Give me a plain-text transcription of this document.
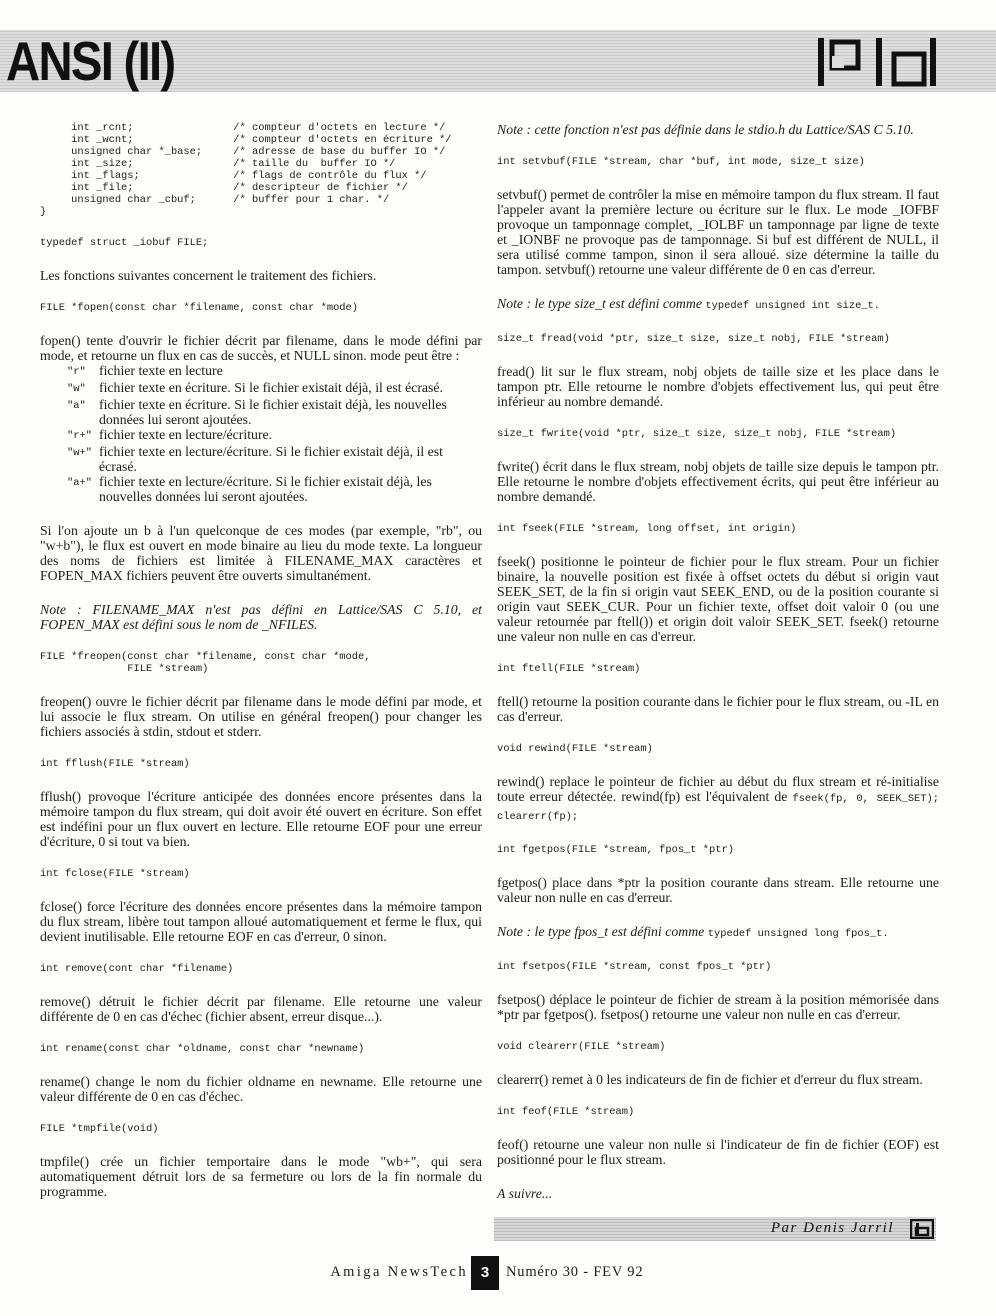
ANSI (II)
int _rcnt;                /* compteur d'octets en lecture */
int _wcnt;                /* compteur d'octets en écriture */
unsigned char *_base;     /* adresse de base du buffer IO */
int _size;                /* taille du  buffer IO */
int _flags;               /* flags de contrôle du flux */
int _file;                /* descripteur de fichier */
unsigned char _cbuf;      /* buffer pour 1 char. */
}
typedef struct _iobuf FILE;

Les fonctions suivantes concernent le traitement des fichiers.

FILE *fopen(const char *filename, const char *mode)

fopen() tente d'ouvrir le fichier décrit par filename, dans le mode défini par mode, et retourne un flux en cas de succès, et NULL sinon. mode peut être :

"r" fichier texte en lecture
"w" fichier texte en écriture. Si le fichier existait déjà, il est écrasé.
"a" fichier texte en écriture. Si le fichier existait déjà, les nouvelles données lui seront ajoutées.
"r+" fichier texte en lecture/écriture.
"w+" fichier texte en lecture/écriture. Si le fichier existait déjà, il est écrasé.
"a+" fichier texte en lecture/écriture. Si le fichier existait déjà, les nouvelles données lui seront ajoutées.

Si l'on ajoute un b à l'un quelconque de ces modes (par exemple, "rb", ou "w+b"), le flux est ouvert en mode binaire au lieu du mode texte. La longueur des noms de fichiers est limitée à FILENAME_MAX caractères et FOPEN_MAX fichiers peuvent être ouverts simultanément.

Note : FILENAME_MAX n'est pas défini en Lattice/SAS C 5.10, et FOPEN_MAX est défini sous le nom de _NFILES.

FILE *freopen(const char *filename, const char *mode,
FILE *stream)

freopen() ouvre le fichier décrit par filename dans le mode défini par mode, et lui associe le flux stream. On utilise en général freopen() pour changer les fichiers associés à stdin, stdout et stderr.

int fflush(FILE *stream)

fflush() provoque l'écriture anticipée des données encore présentes dans la mémoire tampon du flux stream, qui doit avoir été ouvert en écriture. Son effet est indéfini pour un flux ouvert en lecture. Elle retourne EOF pour une erreur d'écriture, 0 si tout va bien.

int fclose(FILE *stream)

fclose() force l'écriture des données encore présentes dans la mémoire tampon du flux stream, libère tout tampon alloué automatiquement et ferme le flux, qui devient inutilisable. Elle retourne EOF en cas d'erreur, 0 sinon.

int remove(cont char *filename)

remove() détruit le fichier décrit par filename. Elle retourne une valeur différente de 0 en cas d'échec (fichier absent, erreur disque...).

int rename(const char *oldname, const char *newname)

rename() change le nom du fichier oldname en newname. Elle retourne une valeur différente de 0 en cas d'échec.

FILE *tmpfile(void)

tmpfile() crée un fichier temportaire dans le mode "wb+", qui sera automatiquement détruit lors de sa fermeture ou lors de la fin normale du programme.

Note : cette fonction n'est pas définie dans le stdio.h du Lattice/SAS C 5.10.

int setvbuf(FILE *stream, char *buf, int mode, size_t size)

setvbuf() permet de contrôler la mise en mémoire tampon du flux stream. Il faut l'appeler avant la première lecture ou écriture sur le flux. Le mode _IOFBF provoque un tamponnage complet, _IOLBF un tamponnage par ligne de texte et _IONBF ne provoque pas de tamponnage. Si buf est différent de NULL, il sera utilisé comme tampon, sinon il sera alloué. size détermine la taille du tampon. setvbuf() retourne une valeur différente de 0 en cas d'erreur.

Note : le type size_t est défini comme typedef unsigned int size_t.

size_t fread(void *ptr, size_t size, size_t nobj, FILE *stream)

fread() lit sur le flux stream, nobj objets de taille size et les place dans le tampon ptr. Elle retourne le nombre d'objets effectivement lus, qui peut être inférieur au nombre demandé.

size_t fwrite(void *ptr, size_t size, size_t nobj, FILE *stream)

fwrite() écrit dans le flux stream, nobj objets de taille size depuis le tampon ptr. Elle retourne le nombre d'objets effectivement écrits, qui peut être inférieur au nombre demandé.

int fseek(FILE *stream, long offset, int origin)

fseek() positionne le pointeur de fichier pour le flux stream. Pour un fichier binaire, la nouvelle position est fixée à offset octets du début si origin vaut SEEK_SET, de la fin si origin vaut SEEK_END, ou de la position courante si origin vaut SEEK_CUR. Pour un fichier texte, offset doit valoir 0 (ou une valeur retournée par ftell()) et origin doit valoir SEEK_SET. fseek() retourne une valeur non nulle en cas d'erreur.

int ftell(FILE *stream)

ftell() retourne la position courante dans le fichier pour le flux stream, ou -IL en cas d'erreur.

void rewind(FILE *stream)

rewind() replace le pointeur de fichier au début du flux stream et ré-initialise toute erreur détectée. rewind(fp) est l'équivalent de fseek(fp, 0, SEEK_SET); clearerr(fp);

int fgetpos(FILE *stream, fpos_t *ptr)

fgetpos() place dans *ptr la position courante dans stream. Elle retourne une valeur non nulle en cas d'erreur.

Note : le type fpos_t est défini comme typedef unsigned long fpos_t.

int fsetpos(FILE *stream, const fpos_t *ptr)

fsetpos() déplace le pointeur de fichier de stream à la position mémorisée dans *ptr par fgetpos(). fsetpos() retourne une valeur non nulle en cas d'erreur.

void clearerr(FILE *stream)

clearerr() remet à 0 les indicateurs de fin de fichier et d'erreur du flux stream.

int feof(FILE *stream)

feof() retourne une valeur non nulle si l'indicateur de fin de fichier (EOF) est positionné pour le flux stream.

A suivre...

Par Denis Jarril
Amiga NewsTech 3	Numéro 30 - FEV 92
